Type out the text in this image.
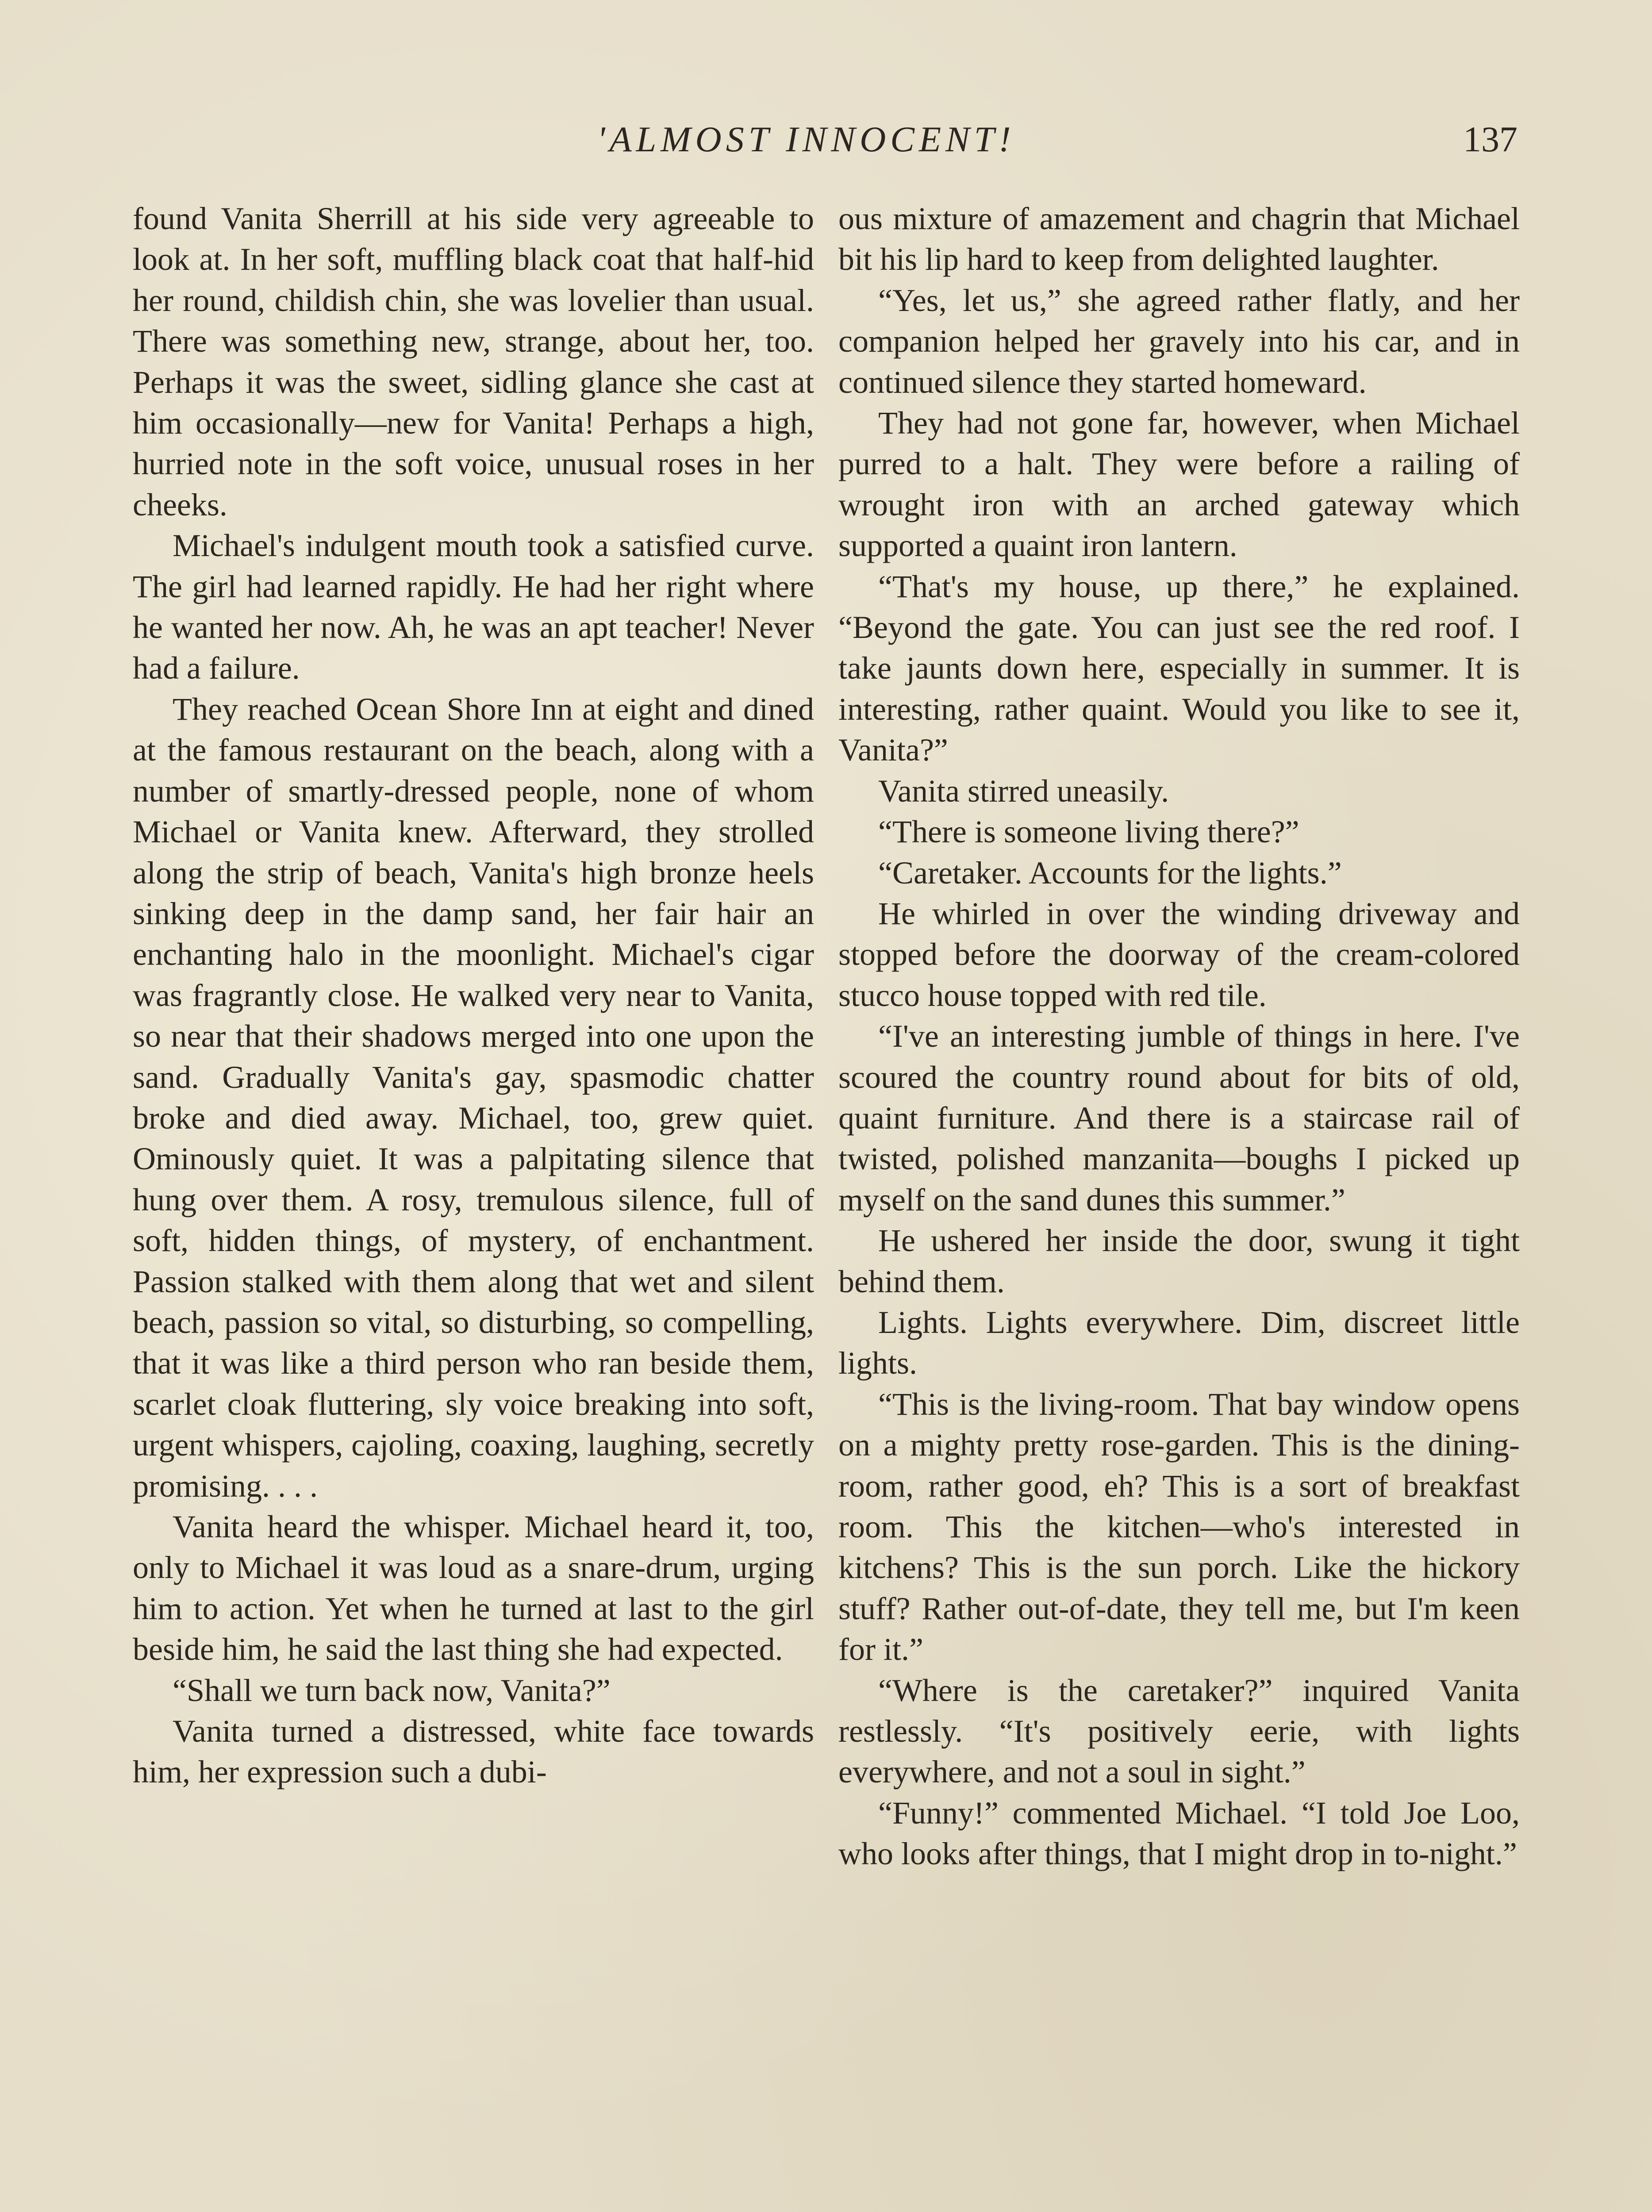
'ALMOST INNOCENT!	137

found Vanita Sherrill at his side very agreeable to look at. In her soft, muffling black coat that half-hid her round, childish chin, she was lovelier than usual. There was something new, strange, about her, too. Perhaps it was the sweet, sidling glance she cast at him occasionally—new for Vanita! Perhaps a high, hurried note in the soft voice, unusual roses in her cheeks.

Michael's indulgent mouth took a satisfied curve. The girl had learned rapidly. He had her right where he wanted her now. Ah, he was an apt teacher! Never had a failure.

They reached Ocean Shore Inn at eight and dined at the famous restaurant on the beach, along with a number of smartly-dressed people, none of whom Michael or Vanita knew. Afterward, they strolled along the strip of beach, Vanita's high bronze heels sinking deep in the damp sand, her fair hair an enchanting halo in the moonlight. Michael's cigar was fragrantly close. He walked very near to Vanita, so near that their shadows merged into one upon the sand. Gradually Vanita's gay, spasmodic chatter broke and died away. Michael, too, grew quiet. Ominously quiet. It was a palpitating silence that hung over them. A rosy, tremulous silence, full of soft, hidden things, of mystery, of enchantment. Passion stalked with them along that wet and silent beach, passion so vital, so disturbing, so compelling, that it was like a third person who ran beside them, scarlet cloak fluttering, sly voice breaking into soft, urgent whispers, cajoling, coaxing, laughing, secretly promising. . . .

Vanita heard the whisper. Michael heard it, too, only to Michael it was loud as a snare-drum, urging him to action. Yet when he turned at last to the girl beside him, he said the last thing she had expected.

“Shall we turn back now, Vanita?”

Vanita turned a distressed, white face towards him, her expression such a dubi-

ous mixture of amazement and chagrin that Michael bit his lip hard to keep from delighted laughter.

“Yes, let us,” she agreed rather flatly, and her companion helped her gravely into his car, and in continued silence they started homeward.

They had not gone far, however, when Michael purred to a halt. They were before a railing of wrought iron with an arched gateway which supported a quaint iron lantern.

“That's my house, up there,” he explained. “Beyond the gate. You can just see the red roof. I take jaunts down here, especially in summer. It is interesting, rather quaint. Would you like to see it, Vanita?”

Vanita stirred uneasily.

“There is someone living there?”

“Caretaker. Accounts for the lights.”

He whirled in over the winding driveway and stopped before the doorway of the cream-colored stucco house topped with red tile.

“I've an interesting jumble of things in here. I've scoured the country round about for bits of old, quaint furniture. And there is a staircase rail of twisted, polished manzanita—boughs I picked up myself on the sand dunes this summer.”

He ushered her inside the door, swung it tight behind them.

Lights. Lights everywhere. Dim, discreet little lights.

“This is the living-room. That bay window opens on a mighty pretty rose-garden. This is the dining-room, rather good, eh? This is a sort of breakfast room. This the kitchen—who's interested in kitchens? This is the sun porch. Like the hickory stuff? Rather out-of-date, they tell me, but I'm keen for it.”

“Where is the caretaker?” inquired Vanita restlessly. “It's positively eerie, with lights everywhere, and not a soul in sight.”

“Funny!” commented Michael. “I told Joe Loo, who looks after things, that I might drop in to-night.”
